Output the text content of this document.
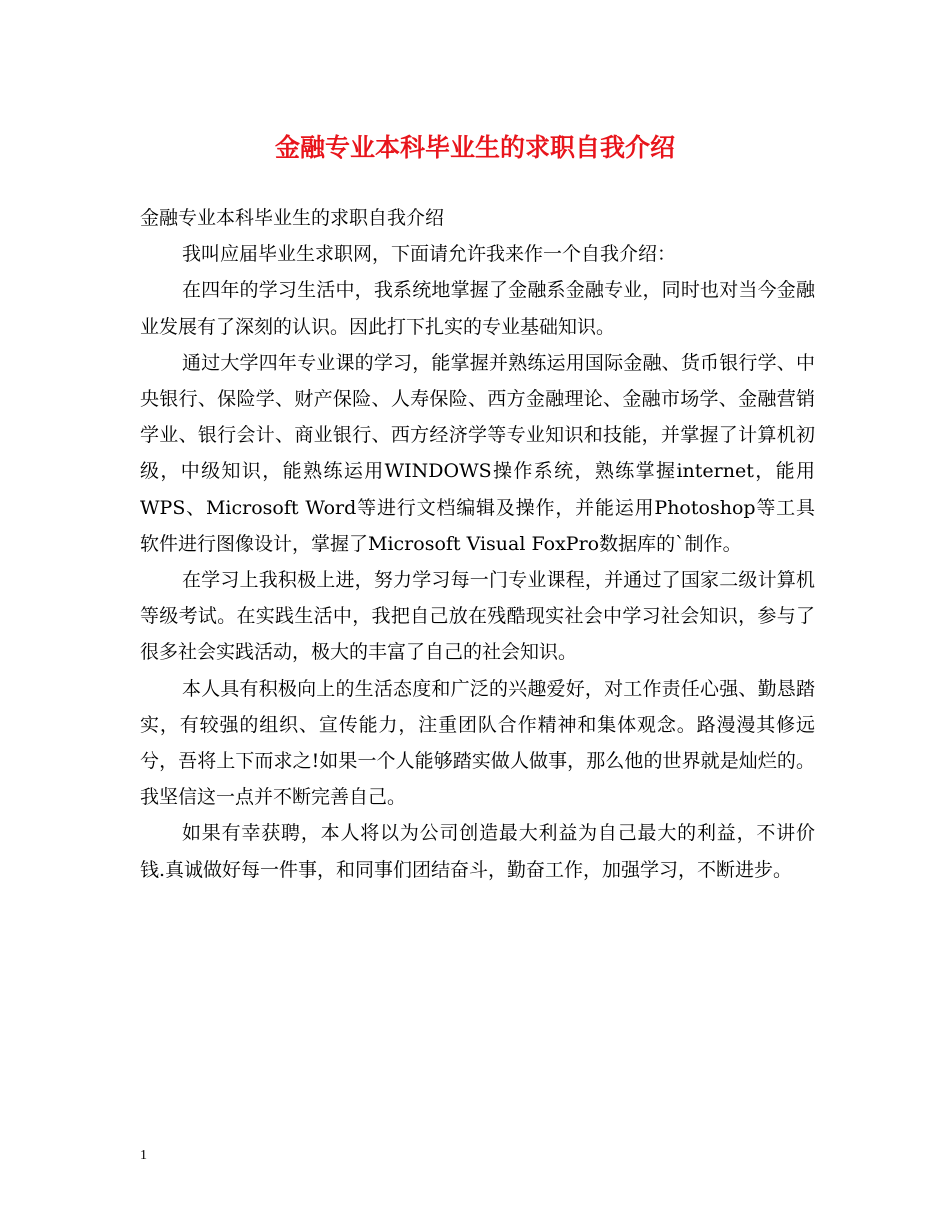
金融专业本科毕业生的求职自我介绍

金融专业本科毕业生的求职自我介绍

我叫应届毕业生求职网，下面请允许我来作一个自我介绍：

在四年的学习生活中，我系统地掌握了金融系金融专业，同时也对当今金融业发展有了深刻的认识。因此打下扎实的专业基础知识。

通过大学四年专业课的学习，能掌握并熟练运用国际金融、货币银行学、中央银行、保险学、财产保险、人寿保险、西方金融理论、金融市场学、金融营销学业、银行会计、商业银行、西方经济学等专业知识和技能，并掌握了计算机初级，中级知识，能熟练运用WINDOWS操作系统，熟练掌握internet，能用WPS、Microsoft Word等进行文档编辑及操作，并能运用Photoshop等工具软件进行图像设计，掌握了Microsoft Visual FoxPro数据库的`制作。

在学习上我积极上进，努力学习每一门专业课程，并通过了国家二级计算机等级考试。在实践生活中，我把自己放在残酷现实社会中学习社会知识，参与了很多社会实践活动，极大的丰富了自己的社会知识。

本人具有积极向上的生活态度和广泛的兴趣爱好，对工作责任心强、勤恳踏实，有较强的组织、宣传能力，注重团队合作精神和集体观念。路漫漫其修远兮，吾将上下而求之!如果一个人能够踏实做人做事，那么他的世界就是灿烂的。我坚信这一点并不断完善自己。

如果有幸获聘，本人将以为公司创造最大利益为自己最大的利益，不讲价钱.真诚做好每一件事，和同事们团结奋斗，勤奋工作，加强学习，不断进步。

1
